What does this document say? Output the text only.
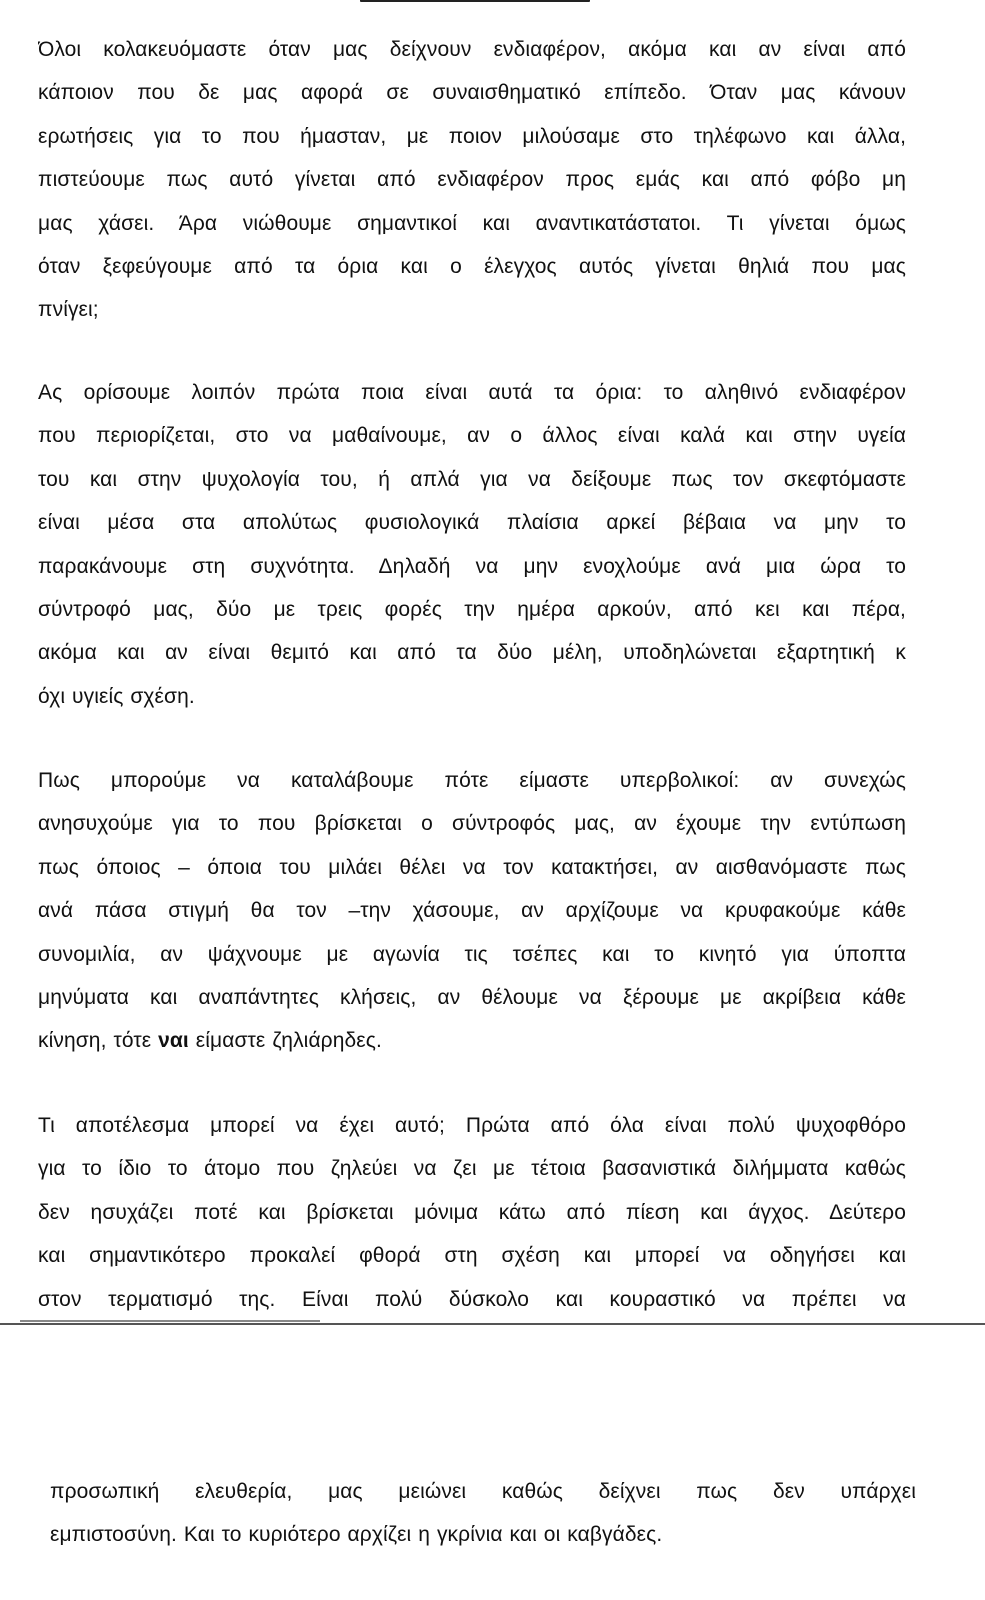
Όλοι κολακευόμαστε όταν μας δείχνουν ενδιαφέρον, ακόμα και αν είναι από
κάποιον που δε μας αφορά σε συναισθηματικό επίπεδο. Όταν μας κάνουν
ερωτήσεις για το που ήμασταν, με ποιον μιλούσαμε στο τηλέφωνο και άλλα,
πιστεύουμε πως αυτό γίνεται από ενδιαφέρον προς εμάς και από φόβο μη
μας χάσει. Άρα νιώθουμε σημαντικοί και αναντικατάστατοι. Τι γίνεται όμως
όταν ξεφεύγουμε από τα όρια και ο έλεγχος αυτός γίνεται θηλιά που μας
πνίγει;
Ας ορίσουμε λοιπόν πρώτα ποια είναι αυτά τα όρια: το αληθινό ενδιαφέρον
που περιορίζεται, στο να μαθαίνουμε, αν ο άλλος είναι καλά και στην υγεία
του και στην ψυχολογία του, ή απλά για να δείξουμε πως τον σκεφτόμαστε
είναι μέσα στα απολύτως φυσιολογικά πλαίσια αρκεί βέβαια να μην το
παρακάνουμε στη συχνότητα. Δηλαδή να μην ενοχλούμε ανά μια ώρα το
σύντροφό μας, δύο με τρεις φορές την ημέρα αρκούν, από κει και πέρα,
ακόμα και αν είναι θεμιτό και από τα δύο μέλη, υποδηλώνεται εξαρτητική κ
όχι υγιείς σχέση.
Πως μπορούμε να καταλάβουμε πότε είμαστε υπερβολικοί: αν συνεχώς
ανησυχούμε για το που βρίσκεται ο σύντροφός μας, αν έχουμε την εντύπωση
πως όποιος – όποια του μιλάει θέλει να τον κατακτήσει, αν αισθανόμαστε πως
ανά πάσα στιγμή θα τον –την χάσουμε, αν αρχίζουμε να κρυφακούμε κάθε
συνομιλία, αν ψάχνουμε με αγωνία τις τσέπες και το κινητό για ύποπτα
μηνύματα και αναπάντητες κλήσεις, αν θέλουμε να ξέρουμε με ακρίβεια κάθε
κίνηση, τότε ναι είμαστε ζηλιάρηδες.
Τι αποτέλεσμα μπορεί να έχει αυτό; Πρώτα από όλα είναι πολύ ψυχοφθόρο
για το ίδιο το άτομο που ζηλεύει να ζει με τέτοια βασανιστικά διλήμματα καθώς
δεν ησυχάζει ποτέ και βρίσκεται μόνιμα κάτω από πίεση και άγχος. Δεύτερο
και σημαντικότερο προκαλεί φθορά στη σχέση και μπορεί να οδηγήσει και
στον τερματισμό της. Είναι πολύ δύσκολο και κουραστικό να πρέπει να
προσωπική ελευθερία, μας μειώνει καθώς δείχνει πως δεν υπάρχει
εμπιστοσύνη. Και το κυριότερο αρχίζει η γκρίνια και οι καβγάδες.
